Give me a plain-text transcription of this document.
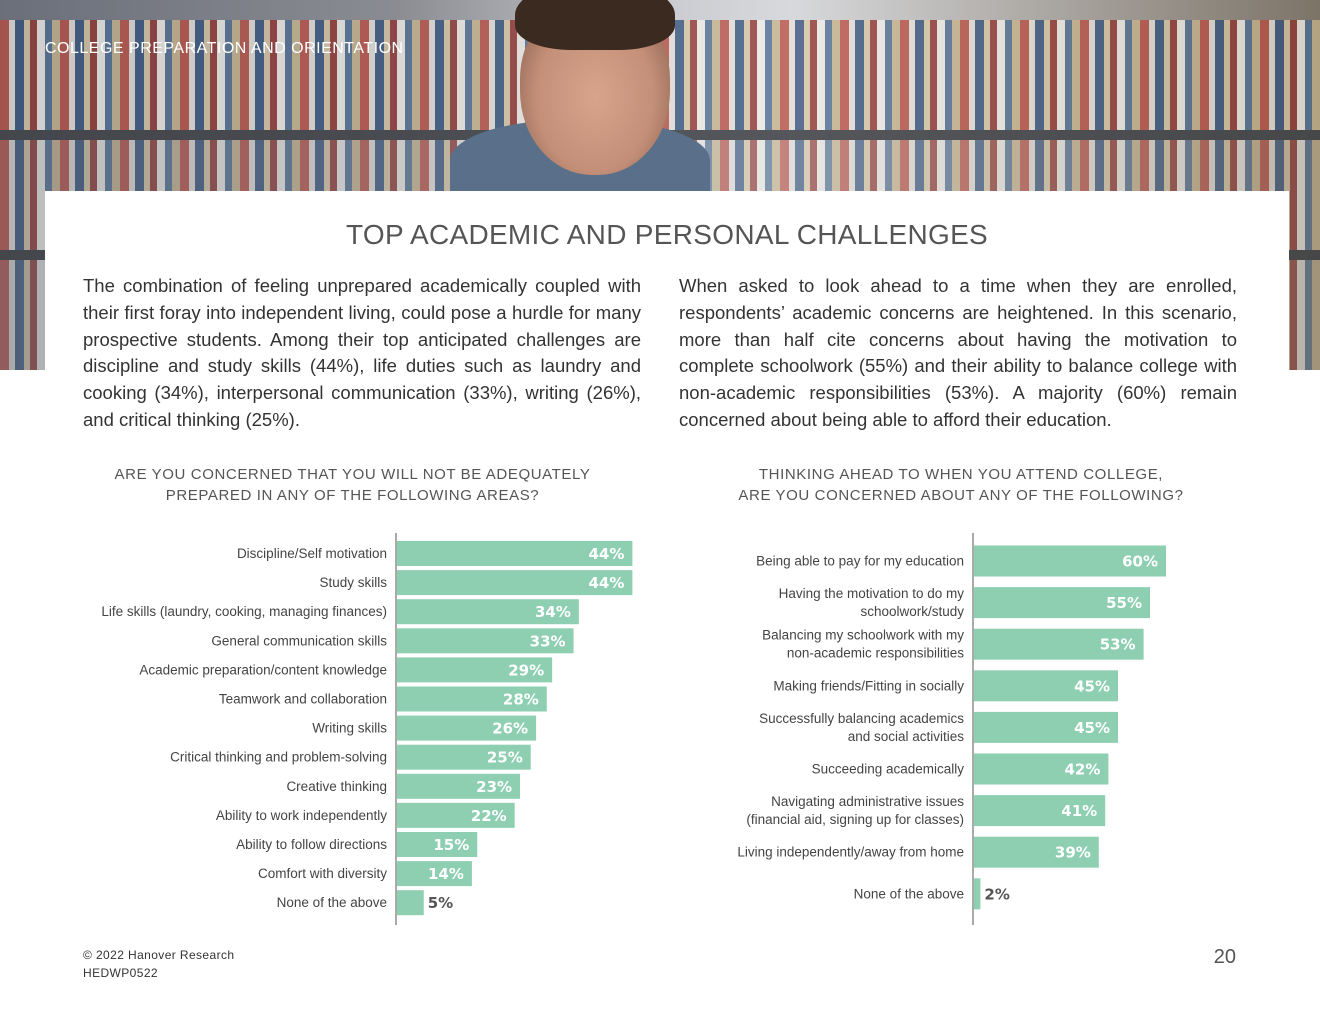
COLLEGE PREPARATION AND ORIENTATION
TOP ACADEMIC AND PERSONAL CHALLENGES
The combination of feeling unprepared academically coupled with their first foray into independent living, could pose a hurdle for many prospective students. Among their top anticipated challenges are discipline and study skills (44%), life duties such as laundry and cooking (34%), interpersonal communication (33%), writing (26%), and critical thinking (25%).
When asked to look ahead to a time when they are enrolled, respondents’ academic concerns are heightened. In this scenario, more than half cite concerns about having the motivation to complete schoolwork (55%) and their ability to balance college with non-academic responsibilities (53%). A majority (60%) remain concerned about being able to afford their education.
ARE YOU CONCERNED THAT YOU WILL NOT BE ADEQUATELY
PREPARED IN ANY OF THE FOLLOWING AREAS?
THINKING AHEAD TO WHEN YOU ATTEND COLLEGE,
ARE YOU CONCERNED ABOUT ANY OF THE FOLLOWING?
44%
Discipline/Self motivation
44%
Study skills
34%
Life skills (laundry, cooking, managing finances)
33%
General communication skills
29%
Academic preparation/content knowledge
28%
Teamwork and collaboration
26%
Writing skills
25%
Critical thinking and problem-solving
23%
Creative thinking
22%
Ability to work independently
15%
Ability to follow directions
14%
Comfort with diversity
5%
None of the above
60%
Being able to pay for my education
55%
Having the motivation to do my
schoolwork/study
53%
Balancing my schoolwork with my
non-academic responsibilities
45%
Making friends/Fitting in socially
45%
Successfully balancing academics
and social activities
42%
Succeeding academically
41%
Navigating administrative issues
(financial aid, signing up for classes)
39%
Living independently/away from home
2%
None of the above
© 2022 Hanover Research
HEDWP0522
20
